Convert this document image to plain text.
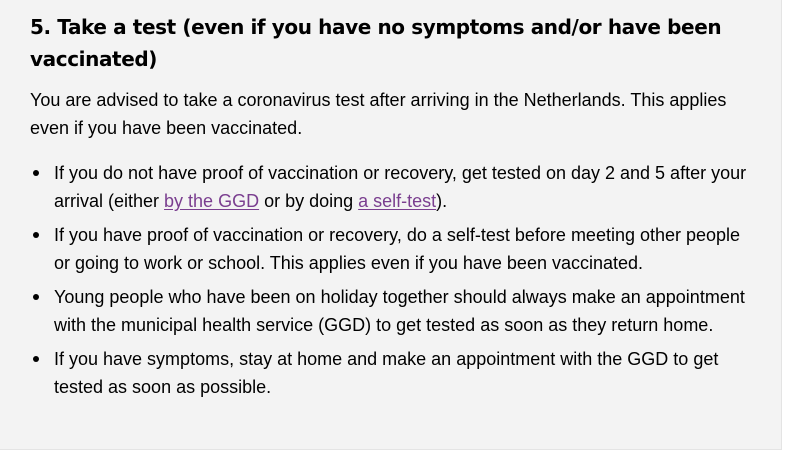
5. Take a test (even if you have no symptoms and/or have been vaccinated)

You are advised to take a coronavirus test after arriving in the Netherlands. This applies even if you have been vaccinated.

If you do not have proof of vaccination or recovery, get tested on day 2 and 5 after your arrival (either by the GGD or by doing a self-test).
If you have proof of vaccination or recovery, do a self-test before meeting other people or going to work or school. This applies even if you have been vaccinated.
Young people who have been on holiday together should always make an appointment with the municipal health service (GGD) to get tested as soon as they return home.
If you have symptoms, stay at home and make an appointment with the GGD to get tested as soon as possible.
